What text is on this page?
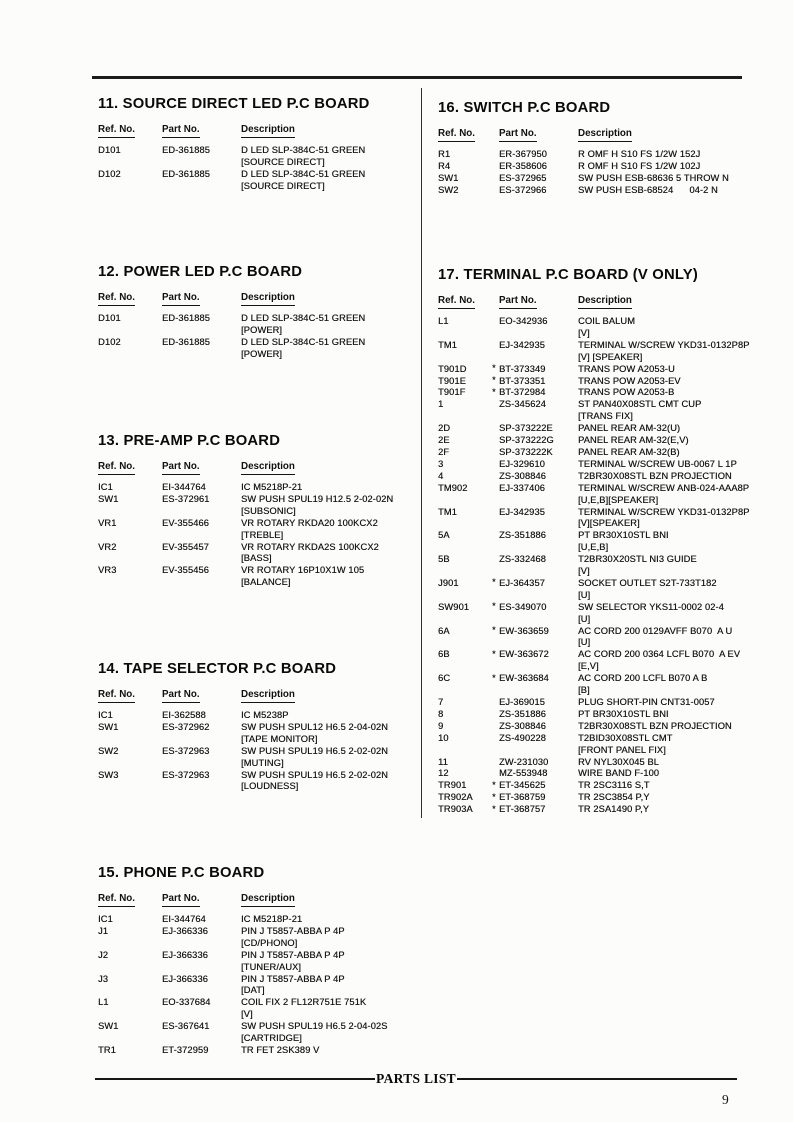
11. SOURCE DIRECT LED P.C BOARD
Ref. No.	Part No.	Description
D101	ED-361885	D LED SLP-384C-51 GREEN
[SOURCE DIRECT]
D102	ED-361885	D LED SLP-384C-51 GREEN
[SOURCE DIRECT]
12. POWER LED P.C BOARD
Ref. No.	Part No.	Description
D101	ED-361885	D LED SLP-384C-51 GREEN
[POWER]
D102	ED-361885	D LED SLP-384C-51 GREEN
[POWER]
13. PRE-AMP P.C BOARD
Ref. No.	Part No.	Description
IC1	EI-344764	IC M5218P-21
SW1	ES-372961	SW PUSH SPUL19 H12.5 2-02-02N
[SUBSONIC]
VR1	EV-355466	VR ROTARY RKDA20 100KCX2
[TREBLE]
VR2	EV-355457	VR ROTARY RKDA2S 100KCX2
[BASS]
VR3	EV-355456	VR ROTARY 16P10X1W 105
[BALANCE]
14. TAPE SELECTOR P.C BOARD
Ref. No.	Part No.	Description
IC1	EI-362588	IC M5238P
SW1	ES-372962	SW PUSH SPUL12 H6.5 2-04-02N
[TAPE MONITOR]
SW2	ES-372963	SW PUSH SPUL19 H6.5 2-02-02N
[MUTING]
SW3	ES-372963	SW PUSH SPUL19 H6.5 2-02-02N
[LOUDNESS]
15. PHONE P.C BOARD
Ref. No.	Part No.	Description
IC1	EI-344764	IC M5218P-21
J1	EJ-366336	PIN J T5857-ABBA P 4P
[CD/PHONO]
J2	EJ-366336	PIN J T5857-ABBA P 4P
[TUNER/AUX]
J3	EJ-366336	PIN J T5857-ABBA P 4P
[DAT]
L1	EO-337684	COIL FIX 2 FL12R751E 751K
[V]
SW1	ES-367641	SW PUSH SPUL19 H6.5 2-04-02S
[CARTRIDGE]
TR1	ET-372959	TR FET 2SK389 V
16. SWITCH P.C BOARD
Ref. No. Part No.	Description
R1	ER-367950	R OMF H S10 FS 1/2W 152J
R4	ER-358606	R OMF H S10 FS 1/2W 102J
SW1	ES-372965	SW PUSH ESB-68636 5 THROW N
SW2	ES-372966	SW PUSH ESB-68524      04-2 N
17. TERMINAL P.C BOARD (V ONLY)
Ref. No. Part No.	Description
L1	EO-342936	COIL BALUM
[V]
TM1	EJ-342935	TERMINAL W/SCREW YKD31-0132P8P
[V] [SPEAKER]
T901D	* BT-373349	TRANS POW A2053-U
T901E	* BT-373351	TRANS POW A2053-EV
T901F	* BT-372984	TRANS POW A2053-B
1	ZS-345624	ST PAN40X08STL CMT CUP
[TRANS FIX]
2D	SP-373222E	PANEL REAR AM-32(U)
2E	SP-373222G	PANEL REAR AM-32(E,V)
2F	SP-373222K	PANEL REAR AM-32(B)
3	EJ-329610	TERMINAL W/SCREW UB-0067 L 1P
4	ZS-308846	T2BR30X08STL BZN PROJECTION
TM902	EJ-337406	TERMINAL W/SCREW ANB-024-AAA8P
[U,E,B][SPEAKER]
TM1	EJ-342935	TERMINAL W/SCREW YKD31-0132P8P
[V][SPEAKER]
5A	ZS-351886	PT BR30X10STL BNI
[U,E,B]
5B	ZS-332468	T2BR30X20STL NI3 GUIDE
[V]
J901	* EJ-364357	SOCKET OUTLET S2T-733T182
[U]
SW901	* ES-349070	SW SELECTOR YKS11-0002 02-4
[U]
6A	* EW-363659	AC CORD 200 0129AVFF B070  A U
[U]
6B	* EW-363672	AC CORD 200 0364 LCFL B070  A EV
[E,V]
6C	* EW-363684	AC CORD 200 LCFL B070 A B
[B]
7	EJ-369015	PLUG SHORT-PIN CNT31-0057
8	ZS-351886	PT BR30X10STL BNI
9	ZS-308846	T2BR30X08STL BZN PROJECTION
10	ZS-490228	T2BID30X08STL CMT
[FRONT PANEL FIX]
11	ZW-231030	RV NYL30X045 BL
12	MZ-553948	WIRE BAND F-100
TR901	* ET-345625	TR 2SC3116 S,T
TR902A	* ET-368759	TR 2SC3854 P,Y
TR903A	* ET-368757	TR 2SA1490 P,Y
PARTS LIST
9
